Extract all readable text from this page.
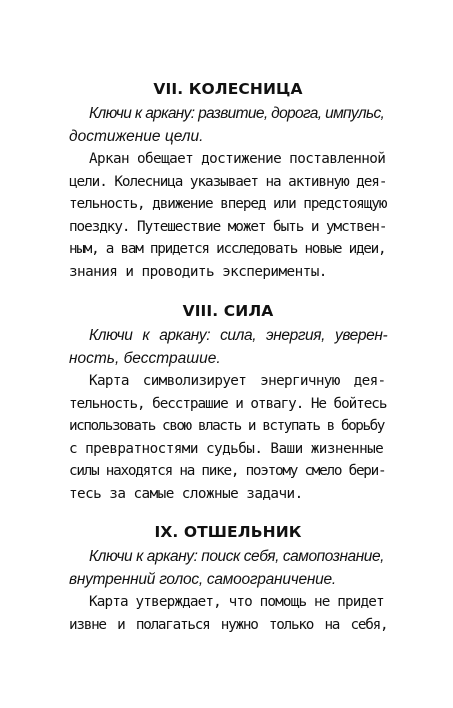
VII. КОЛЕСНИЦА

Ключи к аркану: развитие, дорога, импульс,
достижение цели.

Аркан обещает достижение поставленной
цели. Колесница указывает на активную дея-
тельность, движение вперед или предстоящую
поездку. Путешествие может быть и умствен-
ным, а вам придется исследовать новые идеи,
знания и проводить эксперименты.

VIII. СИЛА

Ключи к аркану: сила, энергия, уверен-
ность, бесстрашие.

Карта символизирует энергичную дея-
тельность, бесстрашие и отвагу. Не бойтесь
использовать свою власть и вступать в борьбу
с превратностями судьбы. Ваши жизненные
силы находятся на пике, поэтому смело бери-
тесь за самые сложные задачи.

IX. ОТШЕЛЬНИК

Ключи к аркану: поиск себя, самопознание,
внутренний голос, самоограничение.

Карта утверждает, что помощь не придет
извне и полагаться нужно только на себя,
